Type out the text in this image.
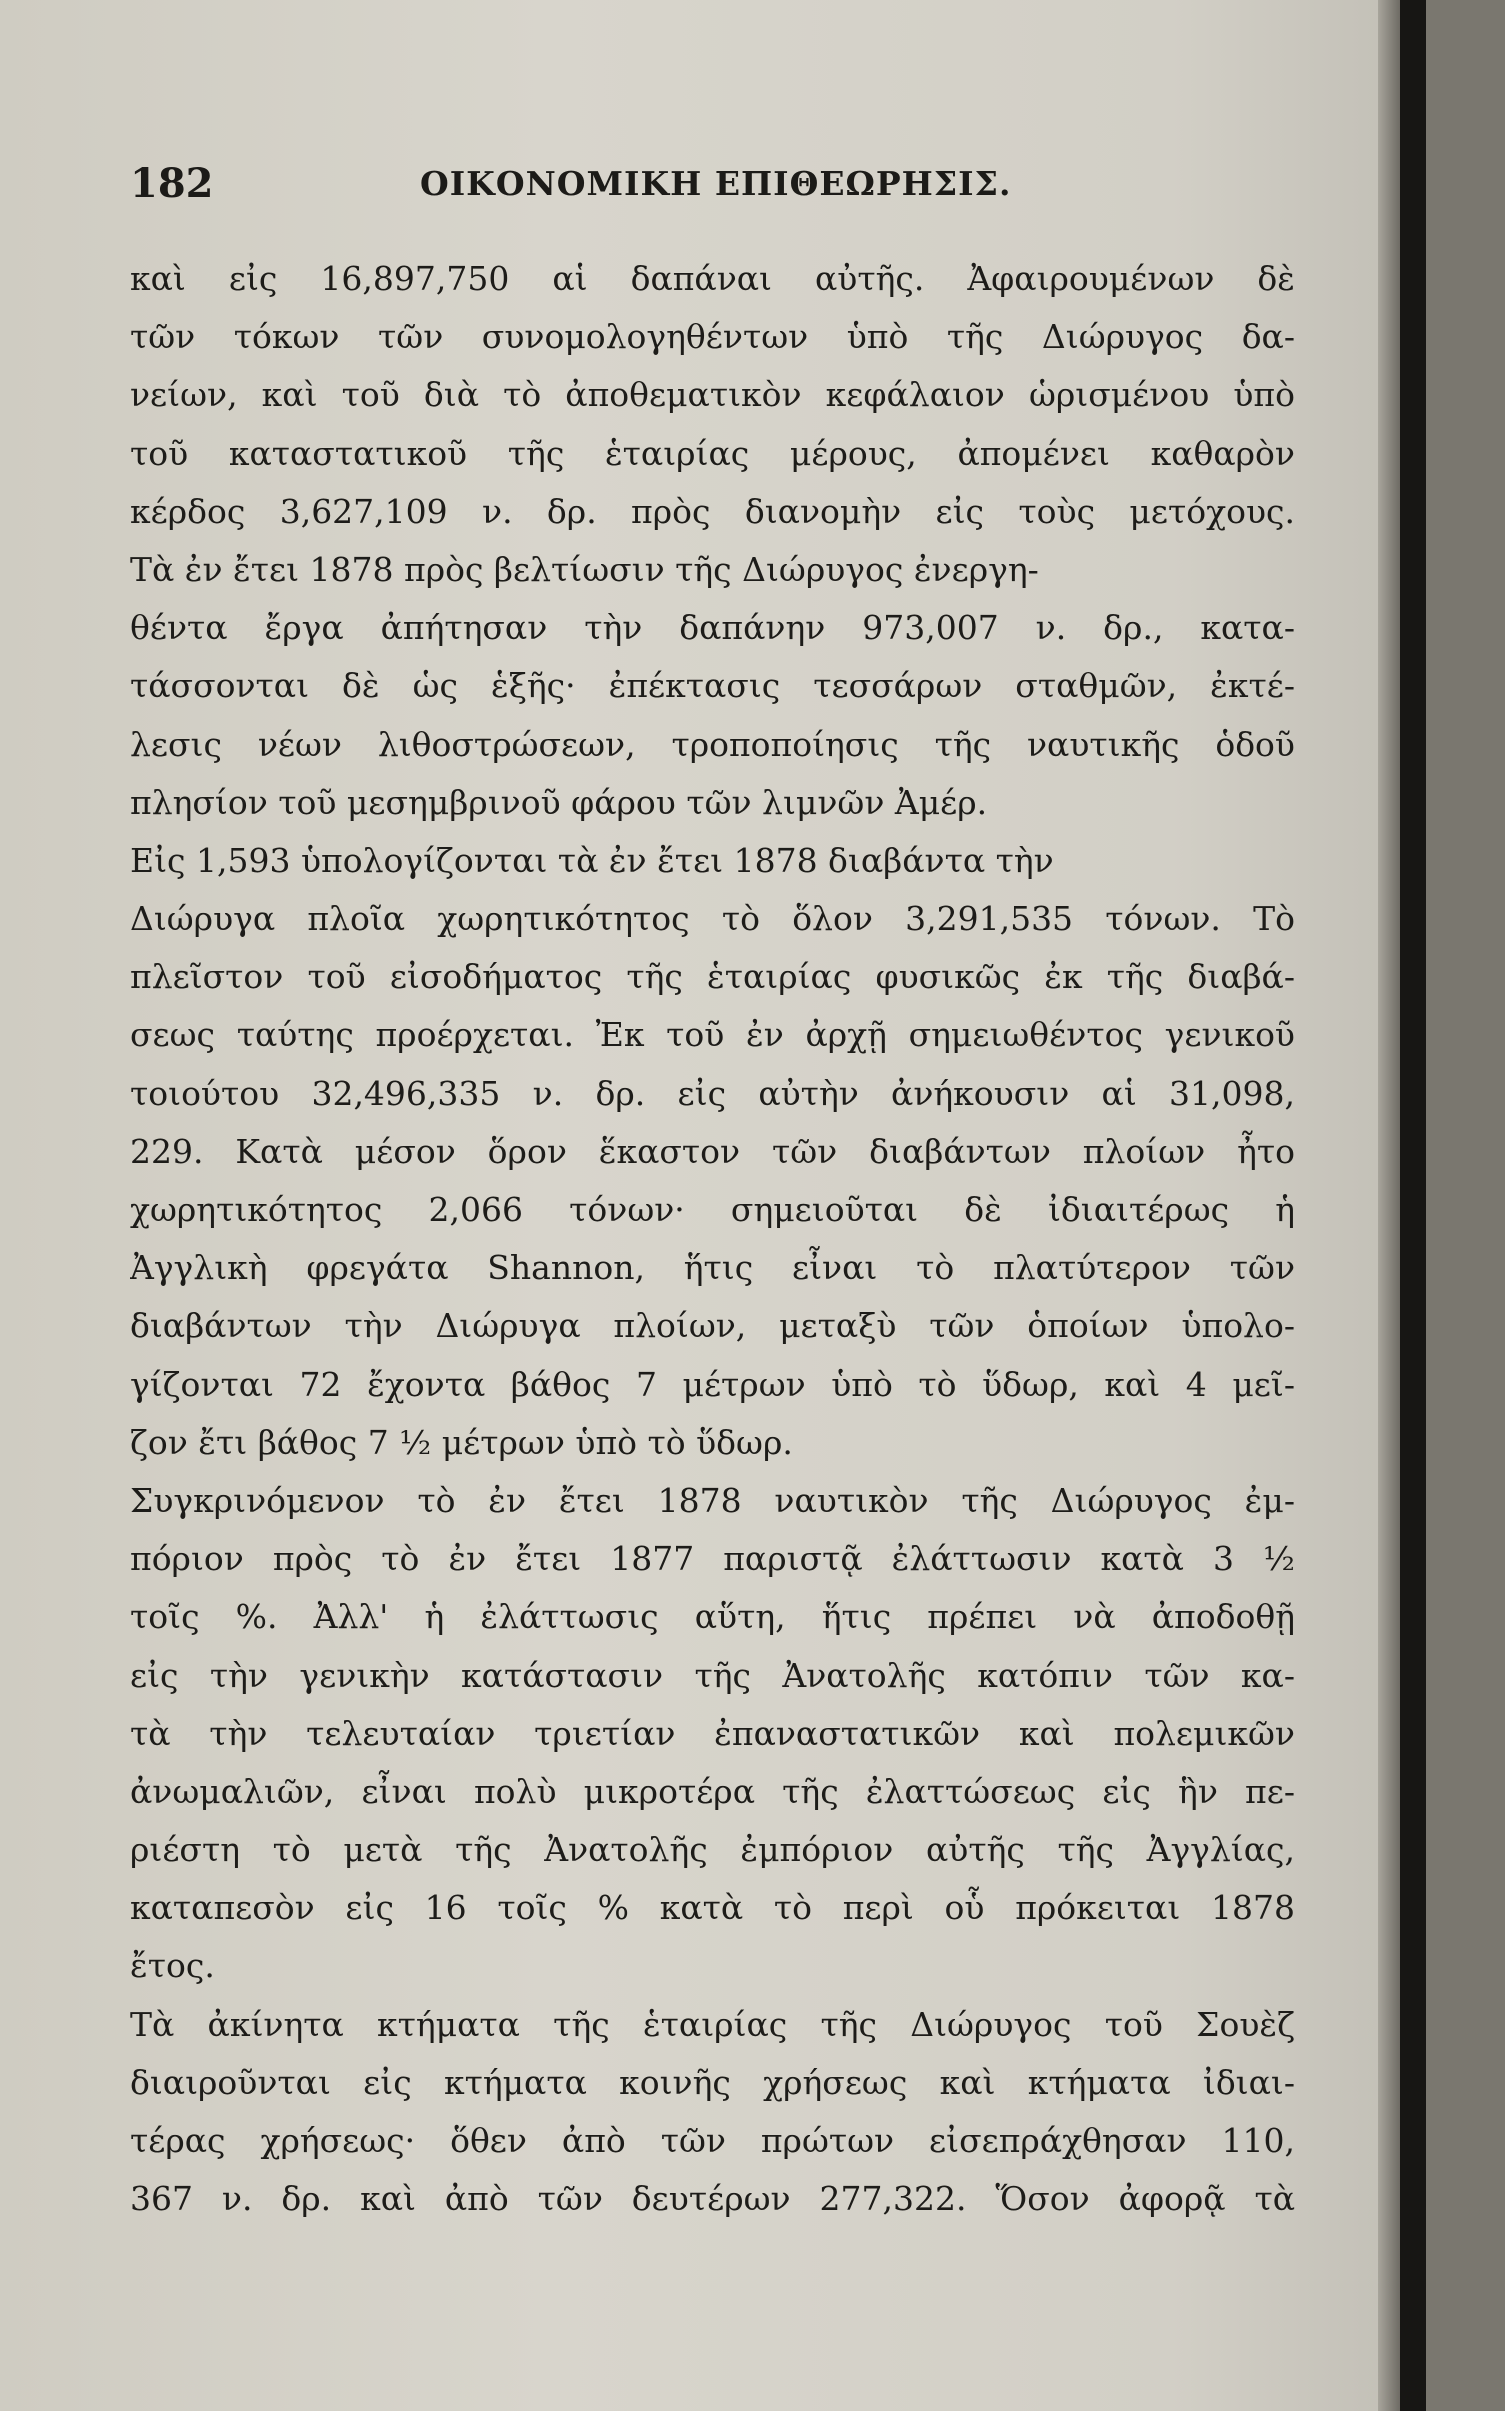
182	ΟΙΚΟΝΟΜΙΚΗ ΕΠΙΘΕΩΡΗΣΙΣ.
καὶ εἰς 16,897,750 αἱ δαπάναι αὐτῆς. Ἀφαιρουμένων δὲ
τῶν τόκων τῶν συνομολογηθέντων ὑπὸ τῆς Διώρυγος δα-
νείων, καὶ τοῦ διὰ τὸ ἀποθεματικὸν κεφάλαιον ὡρισμένου ὑπὸ
τοῦ καταστατικοῦ τῆς ἑταιρίας μέρους, ἀπομένει καθαρὸν
κέρδος 3,627,109 ν. δρ. πρὸς διανομὴν εἰς τοὺς μετόχους.
Τὰ ἐν ἔτει 1878 πρὸς βελτίωσιν τῆς Διώρυγος ἐνεργη-
θέντα ἔργα ἀπήτησαν τὴν δαπάνην 973,007 ν. δρ., κατα-
τάσσονται δὲ ὡς ἑξῆς· ἐπέκτασις τεσσάρων σταθμῶν, ἐκτέ-
λεσις νέων λιθοστρώσεων, τροποποίησις τῆς ναυτικῆς ὁδοῦ
πλησίον τοῦ μεσημβρινοῦ φάρου τῶν λιμνῶν Ἀμέρ.
Εἰς 1,593 ὑπολογίζονται τὰ ἐν ἔτει 1878 διαβάντα τὴν
Διώρυγα πλοῖα χωρητικότητος τὸ ὅλον 3,291,535 τόνων. Τὸ
πλεῖστον τοῦ εἰσοδήματος τῆς ἑταιρίας φυσικῶς ἐκ τῆς διαβά-
σεως ταύτης προέρχεται. Ἐκ τοῦ ἐν ἀρχῇ σημειωθέντος γενικοῦ
τοιούτου 32,496,335 ν. δρ. εἰς αὐτὴν ἀνήκουσιν αἱ 31,098,
229. Κατὰ μέσον ὅρον ἕκαστον τῶν διαβάντων πλοίων ἦτο
χωρητικότητος 2,066 τόνων· σημειοῦται δὲ ἰδιαιτέρως ἡ
Ἀγγλικὴ φρεγάτα Shannon, ἥτις εἶναι τὸ πλατύτερον τῶν
διαβάντων τὴν Διώρυγα πλοίων, μεταξὺ τῶν ὁποίων ὑπολο-
γίζονται 72 ἔχοντα βάθος 7 μέτρων ὑπὸ τὸ ὕδωρ, καὶ 4 μεῖ-
ζον ἔτι βάθος 7 ½ μέτρων ὑπὸ τὸ ὕδωρ.
Συγκρινόμενον τὸ ἐν ἔτει 1878 ναυτικὸν τῆς Διώρυγος ἐμ-
πόριον πρὸς τὸ ἐν ἔτει 1877 παριστᾷ ἐλάττωσιν κατὰ 3 ½
τοῖς %. Ἀλλ' ἡ ἐλάττωσις αὕτη, ἥτις πρέπει νὰ ἀποδοθῇ
εἰς τὴν γενικὴν κατάστασιν τῆς Ἀνατολῆς κατόπιν τῶν κα-
τὰ τὴν τελευταίαν τριετίαν ἐπαναστατικῶν καὶ πολεμικῶν
ἀνωμαλιῶν, εἶναι πολὺ μικροτέρα τῆς ἐλαττώσεως εἰς ἣν πε-
ριέστη τὸ μετὰ τῆς Ἀνατολῆς ἐμπόριον αὐτῆς τῆς Ἀγγλίας,
καταπεσὸν εἰς 16 τοῖς % κατὰ τὸ περὶ οὗ πρόκειται 1878
ἔτος.
Τὰ ἀκίνητα κτήματα τῆς ἑταιρίας τῆς Διώρυγος τοῦ Σουὲζ
διαιροῦνται εἰς κτήματα κοινῆς χρήσεως καὶ κτήματα ἰδιαι-
τέρας χρήσεως· ὅθεν ἀπὸ τῶν πρώτων εἰσεπράχθησαν 110,
367 ν. δρ. καὶ ἀπὸ τῶν δευτέρων 277,322. Ὅσον ἀφορᾷ τὰ
